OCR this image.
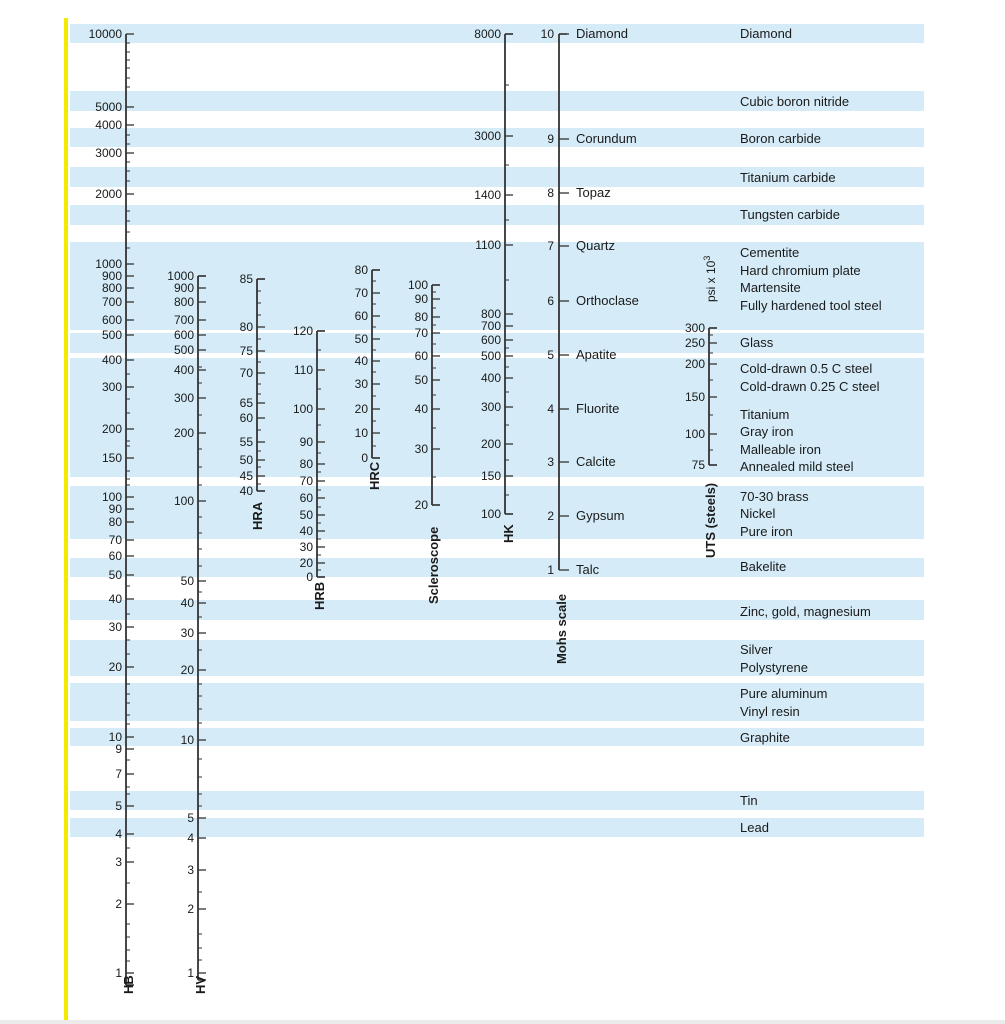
10000
5000
4000
3000
2000
1000
900
800
700
600
500
400
300
200
150
100
90
80
70
60
50
40
30
20
10
9
7
5
4
3
2
1
HB
1000
900
800
700
600
500
400
300
200
100
50
40
30
20
10
5
4
3
2
1
HV
85
80
75
70
65
60
55
50
45
40
HRA
120
110
100
90
80
70
60
50
40
30
20
0
HRB
80
70
60
50
40
30
20
10
0
HRC
100
90
80
70
60
50
40
30
20
Scleroscope
8000
3000
1400
1100
800
700
600
500
400
300
200
150
100
HK
300
250
200
150
100
75
UTS (steels)
psi x $10^3$
10 Diamond
9 Corundum
8 Topaz
7 Quartz
6 Orthoclase
5 Apatite
4 Fluorite
3 Calcite
2 Gypsum
1 Talc
Mohs scale
Diamond
Cubic boron nitride
Boron carbide
Titanium carbide
Tungsten carbide
Cementite
Hard chromium plate
Martensite
Fully hardened tool steel
Glass
Cold-drawn 0.5 C steel
Cold-drawn 0.25 C steel
Titanium
Gray iron
Malleable iron
Annealed mild steel
70-30 brass
Nickel
Pure iron
Bakelite
Zinc, gold, magnesium
Silver
Polystyrene
Pure aluminum
Vinyl resin
Graphite
Tin
Lead
